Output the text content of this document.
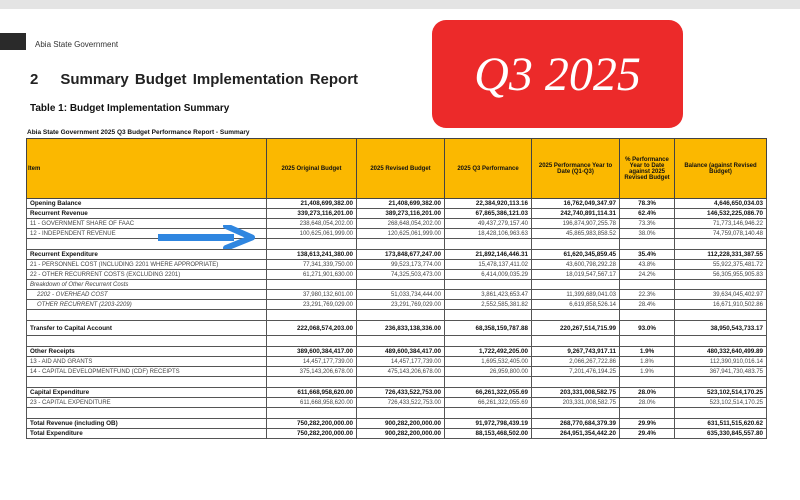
Abia State Government
2 Summary Budget Implementation Report
Table 1: Budget Implementation Summary
Q3 2025
Abia State Government 2025 Q3 Budget Performance Report - Summary
Item	2025 Original Budget	2025 Revised Budget	2025 Q3 Performance	2025 Performance Year to Date (Q1-Q3)	% Performance Year to Date against 2025 Revised Budget	Balance (against Revised Budget)
Opening Balance	21,408,699,382.00	21,408,699,382.00	22,384,920,113.16	16,762,049,347.97	78.3%	4,646,650,034.03
Recurrent Revenue	339,273,116,201.00	389,273,116,201.00	67,865,386,121.03	242,740,891,114.31	62.4%	146,532,225,086.70
11 - GOVERNMENT SHARE OF FAAC	238,648,054,202.00	268,648,054,202.00	49,437,279,157.40	196,874,907,255.78	73.3%	71,773,146,946.22
12 - INDEPENDENT REVENUE	100,625,061,999.00	120,625,061,999.00	18,428,106,963.63	45,865,983,858.52	38.0%	74,759,078,140.48

Recurrent Expenditure	138,613,241,380.00	173,848,677,247.00	21,892,146,446.31	61,620,345,859.45	35.4%	112,228,331,387.55
21 - PERSONNEL COST (INCLUDING 2201 WHERE APPROPRIATE)	77,341,339,750.00	99,523,173,774.00	15,478,137,411.02	43,600,798,292.28	43.8%	55,922,375,481.72
22 - OTHER RECURRENT COSTS (EXCLUDING 2201)	61,271,901,630.00	74,325,503,473.00	6,414,009,035.29	18,019,547,567.17	24.2%	56,305,955,905.83
Breakdown of Other Recurrent Costs						
2202 - OVERHEAD COST	37,980,132,601.00	51,033,734,444.00	3,861,423,653.47	11,399,689,041.03	22.3%	39,634,045,402.97
OTHER RECURRENT (2203-2209)	23,291,769,029.00	23,291,769,029.00	2,552,585,381.82	6,619,858,526.14	28.4%	16,671,910,502.86

Transfer to Capital Account	222,068,574,203.00	236,833,138,336.00	68,358,159,787.88	220,267,514,715.99	93.0%	38,950,543,733.17

Other Receipts	389,600,384,417.00	489,600,384,417.00	1,722,492,205.00	9,267,743,917.11	1.9%	480,332,640,499.89
13 - AID AND GRANTS	14,457,177,739.00	14,457,177,739.00	1,695,532,405.00	2,066,267,722.86	1.8%	112,390,910,016.14
14 - CAPITAL DEVELOPMENTFUND (CDF) RECEIPTS	375,143,206,678.00	475,143,206,678.00	26,959,800.00	7,201,476,194.25	1.9%	367,941,730,483.75

Capital Expenditure	611,668,958,620.00	726,433,522,753.00	66,261,322,055.69	203,331,008,582.75	28.0%	523,102,514,170.25
23 - CAPITAL EXPENDITURE	611,668,958,620.00	726,433,522,753.00	66,261,322,055.69	203,331,008,582.75	28.0%	523,102,514,170.25

Total Revenue (including OB)	750,282,200,000.00	900,282,200,000.00	91,972,798,439.19	268,770,684,379.39	29.9%	631,511,515,620.62
Total Expenditure	750,282,200,000.00	900,282,200,000.00	88,153,468,502.00	264,951,354,442.20	29.4%	635,330,845,557.80
